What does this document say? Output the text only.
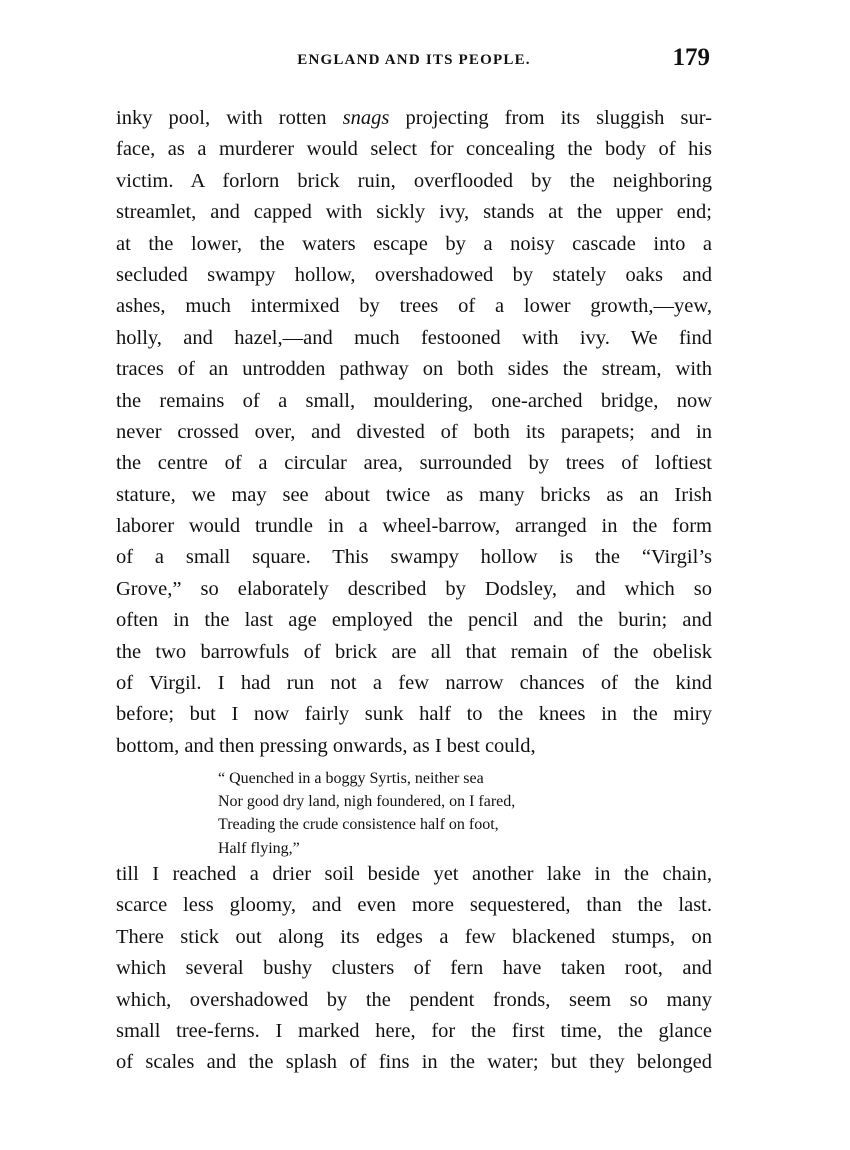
ENGLAND AND ITS PEOPLE.	179
inky pool, with rotten snags projecting from its sluggish sur-
face, as a murderer would select for concealing the body of his
victim. A forlorn brick ruin, overflooded by the neighboring
streamlet, and capped with sickly ivy, stands at the upper end;
at the lower, the waters escape by a noisy cascade into a
secluded swampy hollow, overshadowed by stately oaks and
ashes, much intermixed by trees of a lower growth,—yew,
holly, and hazel,—and much festooned with ivy. We find
traces of an untrodden pathway on both sides the stream, with
the remains of a small, mouldering, one-arched bridge, now
never crossed over, and divested of both its parapets; and in
the centre of a circular area, surrounded by trees of loftiest
stature, we may see about twice as many bricks as an Irish
laborer would trundle in a wheel-barrow, arranged in the form
of a small square. This swampy hollow is the “Virgil’s
Grove,” so elaborately described by Dodsley, and which so
often in the last age employed the pencil and the burin; and
the two barrowfuls of brick are all that remain of the obelisk
of Virgil. I had run not a few narrow chances of the kind
before; but I now fairly sunk half to the knees in the miry
bottom, and then pressing onwards, as I best could,
“ Quenched in a boggy Syrtis, neither sea
Nor good dry land, nigh foundered, on I fared,
Treading the crude consistence half on foot,
Half flying,”
till I reached a drier soil beside yet another lake in the chain,
scarce less gloomy, and even more sequestered, than the last.
There stick out along its edges a few blackened stumps, on
which several bushy clusters of fern have taken root, and
which, overshadowed by the pendent fronds, seem so many
small tree-ferns. I marked here, for the first time, the glance
of scales and the splash of fins in the water; but they belonged
